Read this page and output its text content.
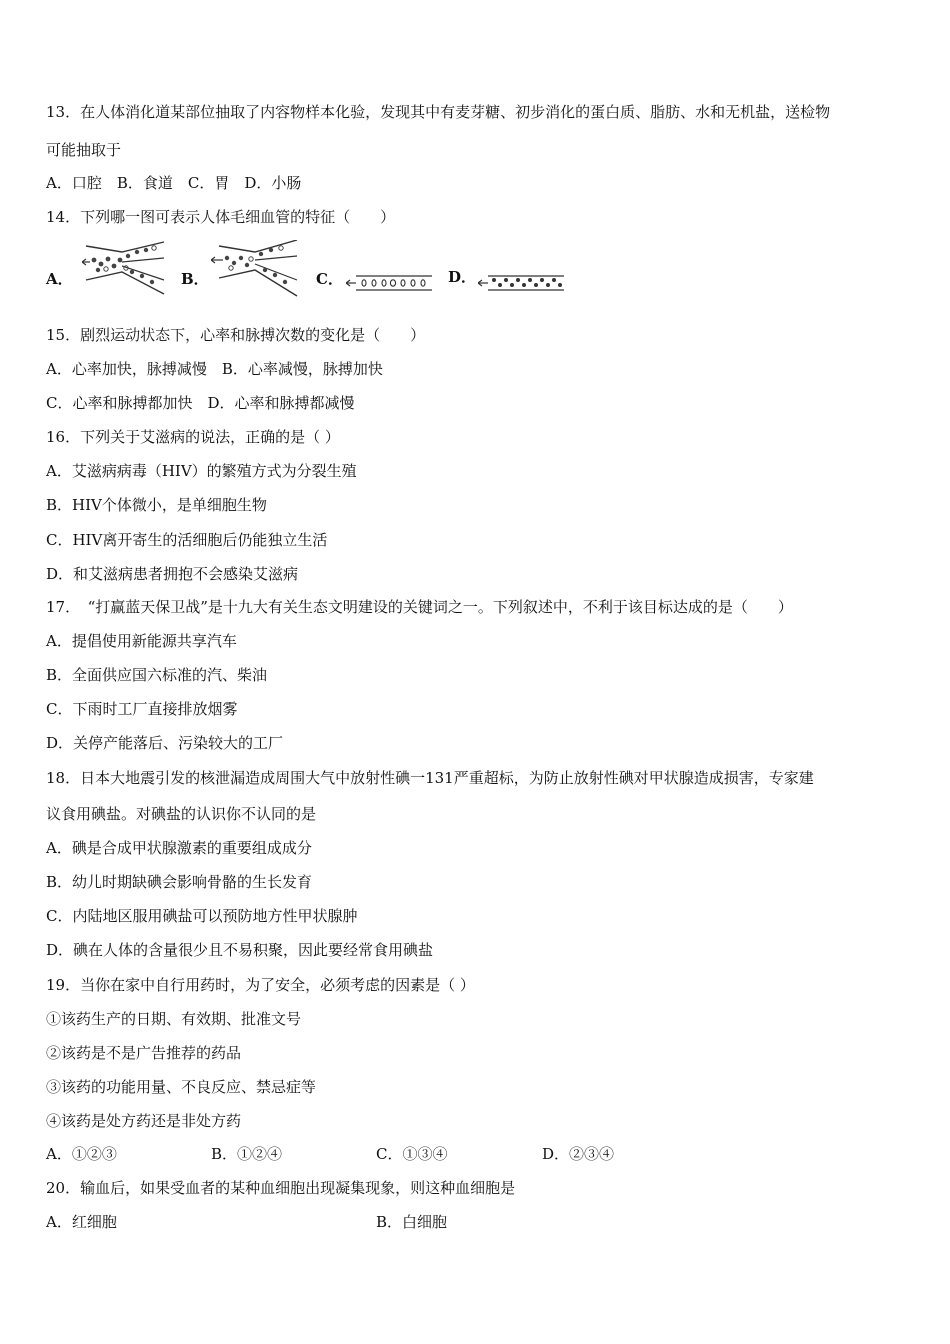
13．在人体消化道某部位抽取了内容物样本化验，发现其中有麦芽糖、初步消化的蛋白质、脂肪、水和无机盐，送检物
可能抽取于
A．口腔　B．食道　C．胃　D．小肠
14．下列哪一图可表示人体毛细血管的特征（　　）
A．	B．	C．	D．
15．剧烈运动状态下，心率和脉搏次数的变化是（　　）
A．心率加快，脉搏减慢　B．心率减慢，脉搏加快
C．心率和脉搏都加快　D．心率和脉搏都减慢
16．下列关于艾滋病的说法，正确的是（ ）
A．艾滋病病毒（HIV）的繁殖方式为分裂生殖
B．HIV个体微小，是单细胞生物
C．HIV离开寄生的活细胞后仍能独立生活
D．和艾滋病患者拥抱不会感染艾滋病
17．　“打赢蓝天保卫战”是十九大有关生态文明建设的关键词之一。下列叙述中，不利于该目标达成的是（　　）
A．提倡使用新能源共享汽车
B．全面供应国六标准的汽、柴油
C．下雨时工厂直接排放烟雾
D．关停产能落后、污染较大的工厂
18．日本大地震引发的核泄漏造成周围大气中放射性碘一131严重超标，为防止放射性碘对甲状腺造成损害，专家建
议食用碘盐。对碘盐的认识你不认同的是
A．碘是合成甲状腺激素的重要组成成分
B．幼儿时期缺碘会影响骨骼的生长发育
C．内陆地区服用碘盐可以预防地方性甲状腺肿
D．碘在人体的含量很少且不易积聚，因此要经常食用碘盐
19．当你在家中自行用药时，为了安全，必须考虑的因素是（ ）
①该药生产的日期、有效期、批准文号
②该药是不是广告推荐的药品
③该药的功能用量、不良反应、禁忌症等
④该药是处方药还是非处方药
A．①②③	B．①②④	C．①③④	D．②③④
20．输血后，如果受血者的某种血细胞出现凝集现象，则这种血细胞是
A．红细胞	B．白细胞
